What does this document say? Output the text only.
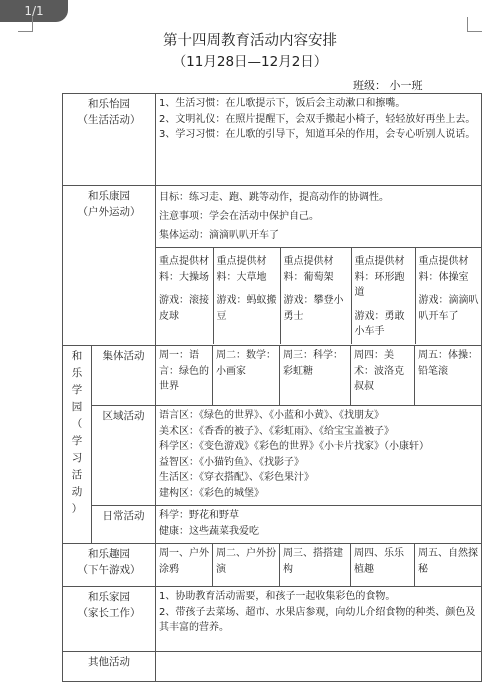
1/1
第十四周教育活动内容安排
（11月28日—12月2日）
班级： 小一班
和乐怡园
（生活活动）

1、生活习惯：在儿歌提示下，饭后会主动漱口和擦嘴。
2、文明礼仪：在照片提醒下，会双手搬起小椅子，轻轻放好再坐上去。
3、学习习惯：在儿歌的引导下，知道耳朵的作用，会专心听别人说话。

和乐康园
（户外运动）

目标：练习走、跑、跳等动作，提高动作的协调性。
注意事项：学会在活动中保护自己。
集体运动：滴滴叭叭开车了
重点提供材料：大操场
游戏：滚接皮球

重点提供材料：大草地
游戏：蚂蚁搬豆

重点提供材料：葡萄架
游戏：攀登小勇士

重点提供材料：环形跑道
游戏：勇敢小车手

重点提供材料：体操室
游戏：滴滴叭叭开车了

和
乐
学
园
（
学
习
活
动
）
	集体活动	周一：语言：绿色的世界	周二：数学：小画家	周三：科学：彩虹糖	周四：美术：波洛克叔叔	周五：体操：铅笔滚
区域活动	语言区：《绿色的世界》、《小蓝和小黄》、《找朋友》
美术区：《香香的被子》、《彩虹雨》、《给宝宝盖被子》
科学区：《变色游戏》《彩色的世界》《小卡片找家》（小康轩）
益智区：《小猫钓鱼》、《找影子》
生活区：《穿衣搭配》、《彩色果汁》
建构区：《彩色的城堡》

日常活动	科学：野花和野草
健康：这些蔬菜我爱吃

和乐趣园
（下午游戏）
	周一、户外涂鸦	周二、户外扮演	周三、搭搭建构	周四、乐乐植趣	周五、自然探秘

和乐家园
（家长工作）

1、协助教育活动需要，和孩子一起收集彩色的食物。
2、带孩子去菜场、超市、水果店参观，向幼儿介绍食物的种类、颜色及其丰富的营养。

其他活动	
